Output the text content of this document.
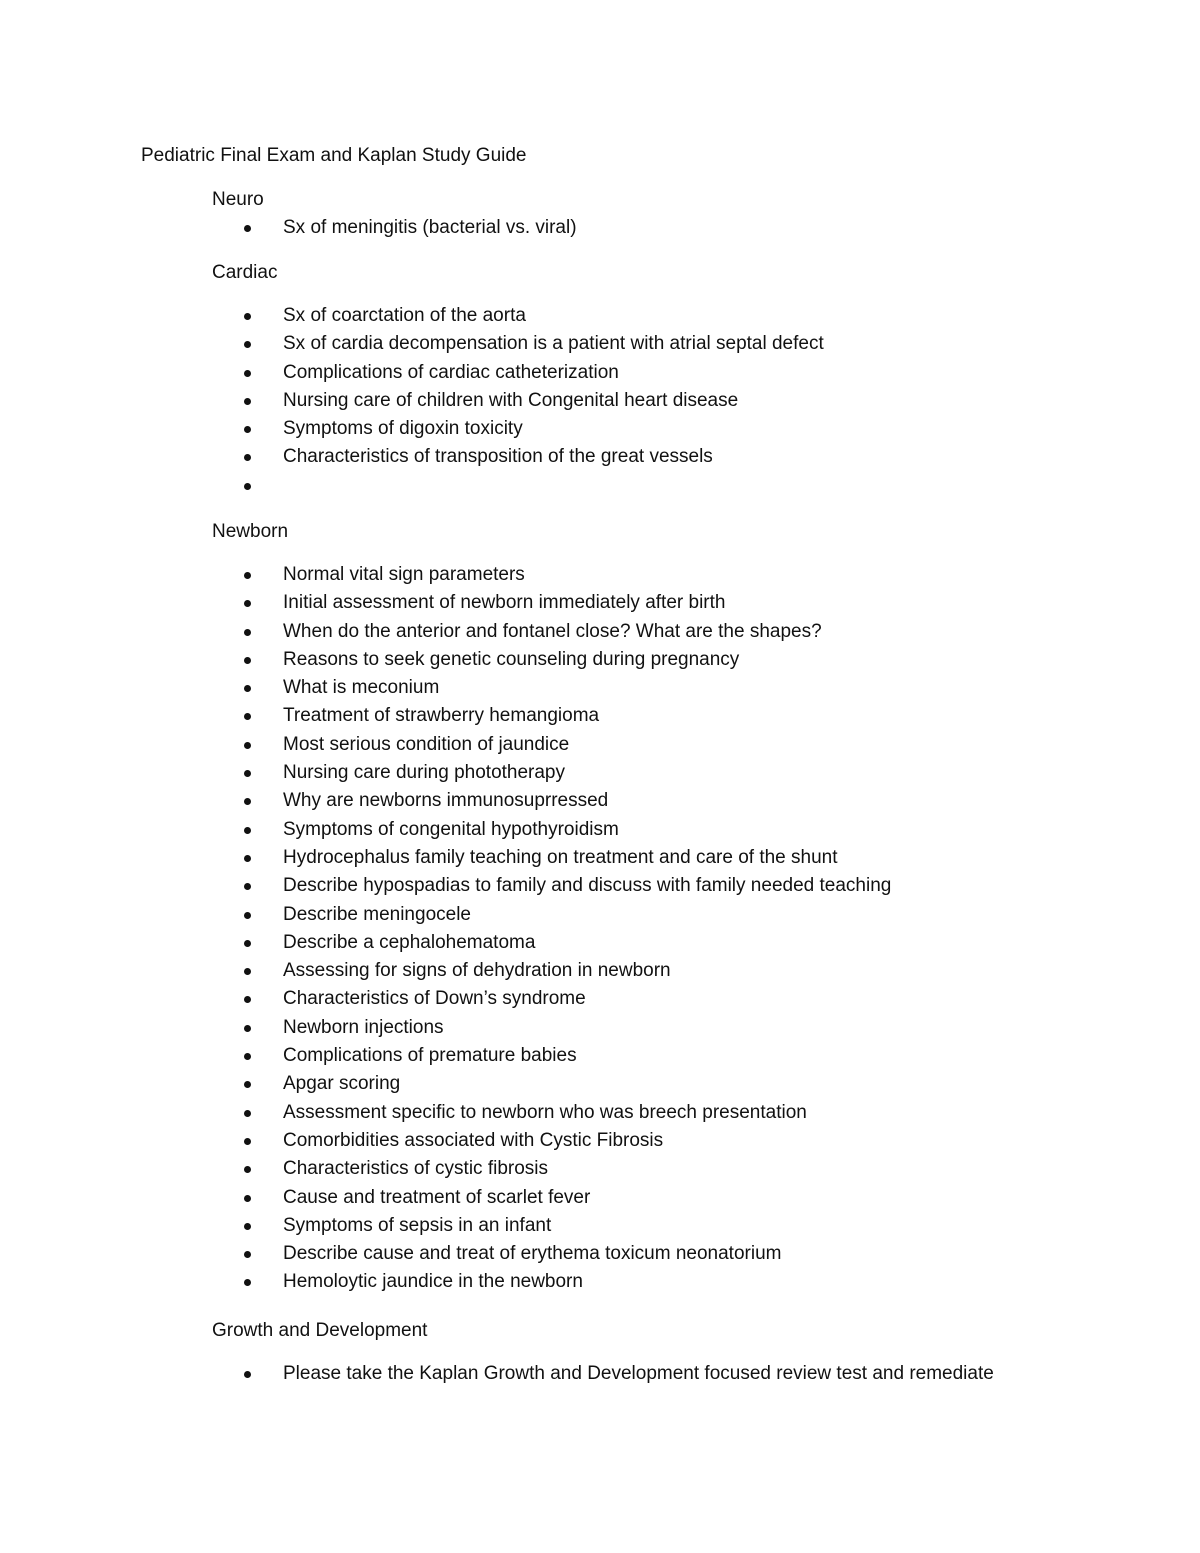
Pediatric Final Exam and Kaplan Study Guide
Neuro
Sx of meningitis (bacterial vs. viral)
Cardiac
Sx of coarctation of the aorta
Sx of cardia decompensation is a patient with atrial septal defect
Complications of cardiac catheterization
Nursing care of children with Congenital heart disease
Symptoms of digoxin toxicity
Characteristics of transposition of the great vessels
Newborn
Normal vital sign parameters
Initial assessment of newborn immediately after birth
When do the anterior and fontanel close? What are the shapes?
Reasons to seek genetic counseling during pregnancy
What is meconium
Treatment of strawberry hemangioma
Most serious condition of jaundice
Nursing care during phototherapy
Why are newborns immunosuprressed
Symptoms of congenital hypothyroidism
Hydrocephalus family teaching on treatment and care of the shunt
Describe hypospadias to family and discuss with family needed teaching
Describe meningocele
Describe a cephalohematoma
Assessing for signs of dehydration in newborn
Characteristics of Down’s syndrome
Newborn injections
Complications of premature babies
Apgar scoring
Assessment specific to newborn who was breech presentation
Comorbidities associated with Cystic Fibrosis
Characteristics of cystic fibrosis
Cause and treatment of scarlet fever
Symptoms of sepsis in an infant
Describe cause and treat of erythema toxicum neonatorium
Hemoloytic jaundice in the newborn
Growth and Development
Please take the Kaplan Growth and Development focused review test and remediate
